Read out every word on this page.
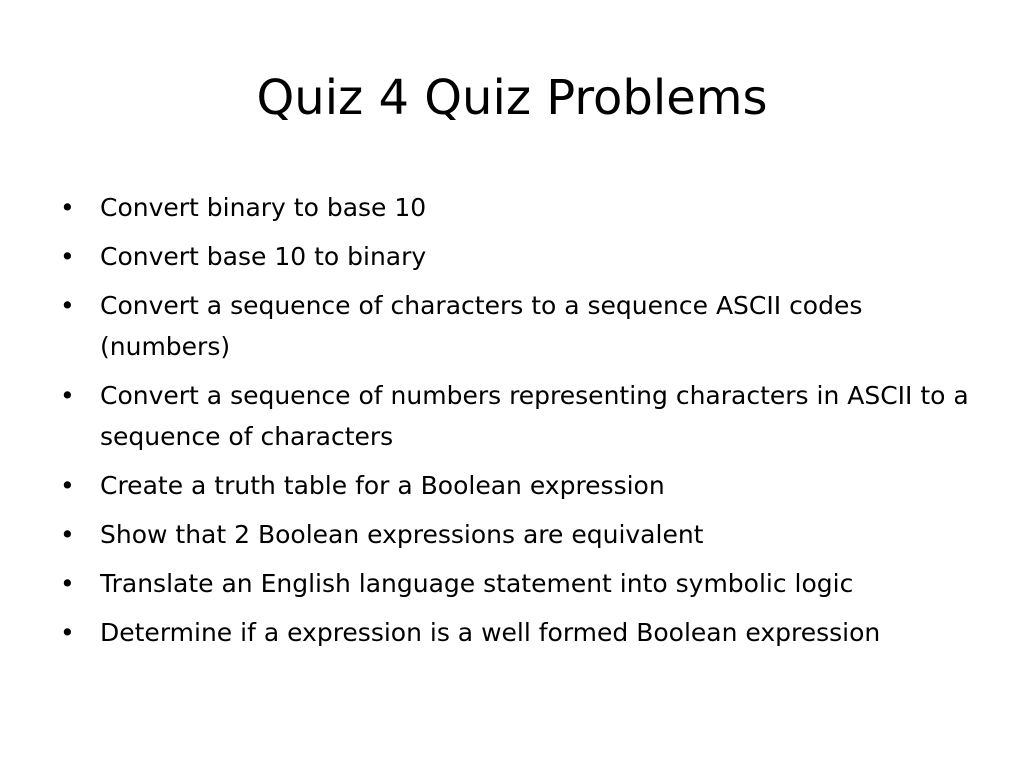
Quiz 4 Quiz Problems
• Convert binary to base 10
• Convert base 10 to binary
• Convert a sequence of characters to a sequence ASCII codes (numbers)
• Convert a sequence of numbers representing characters in ASCII to a sequence of characters
• Create a truth table for a Boolean expression
• Show that 2 Boolean expressions are equivalent
• Translate an English language statement into symbolic logic
• Determine if a expression is a well formed Boolean expression
